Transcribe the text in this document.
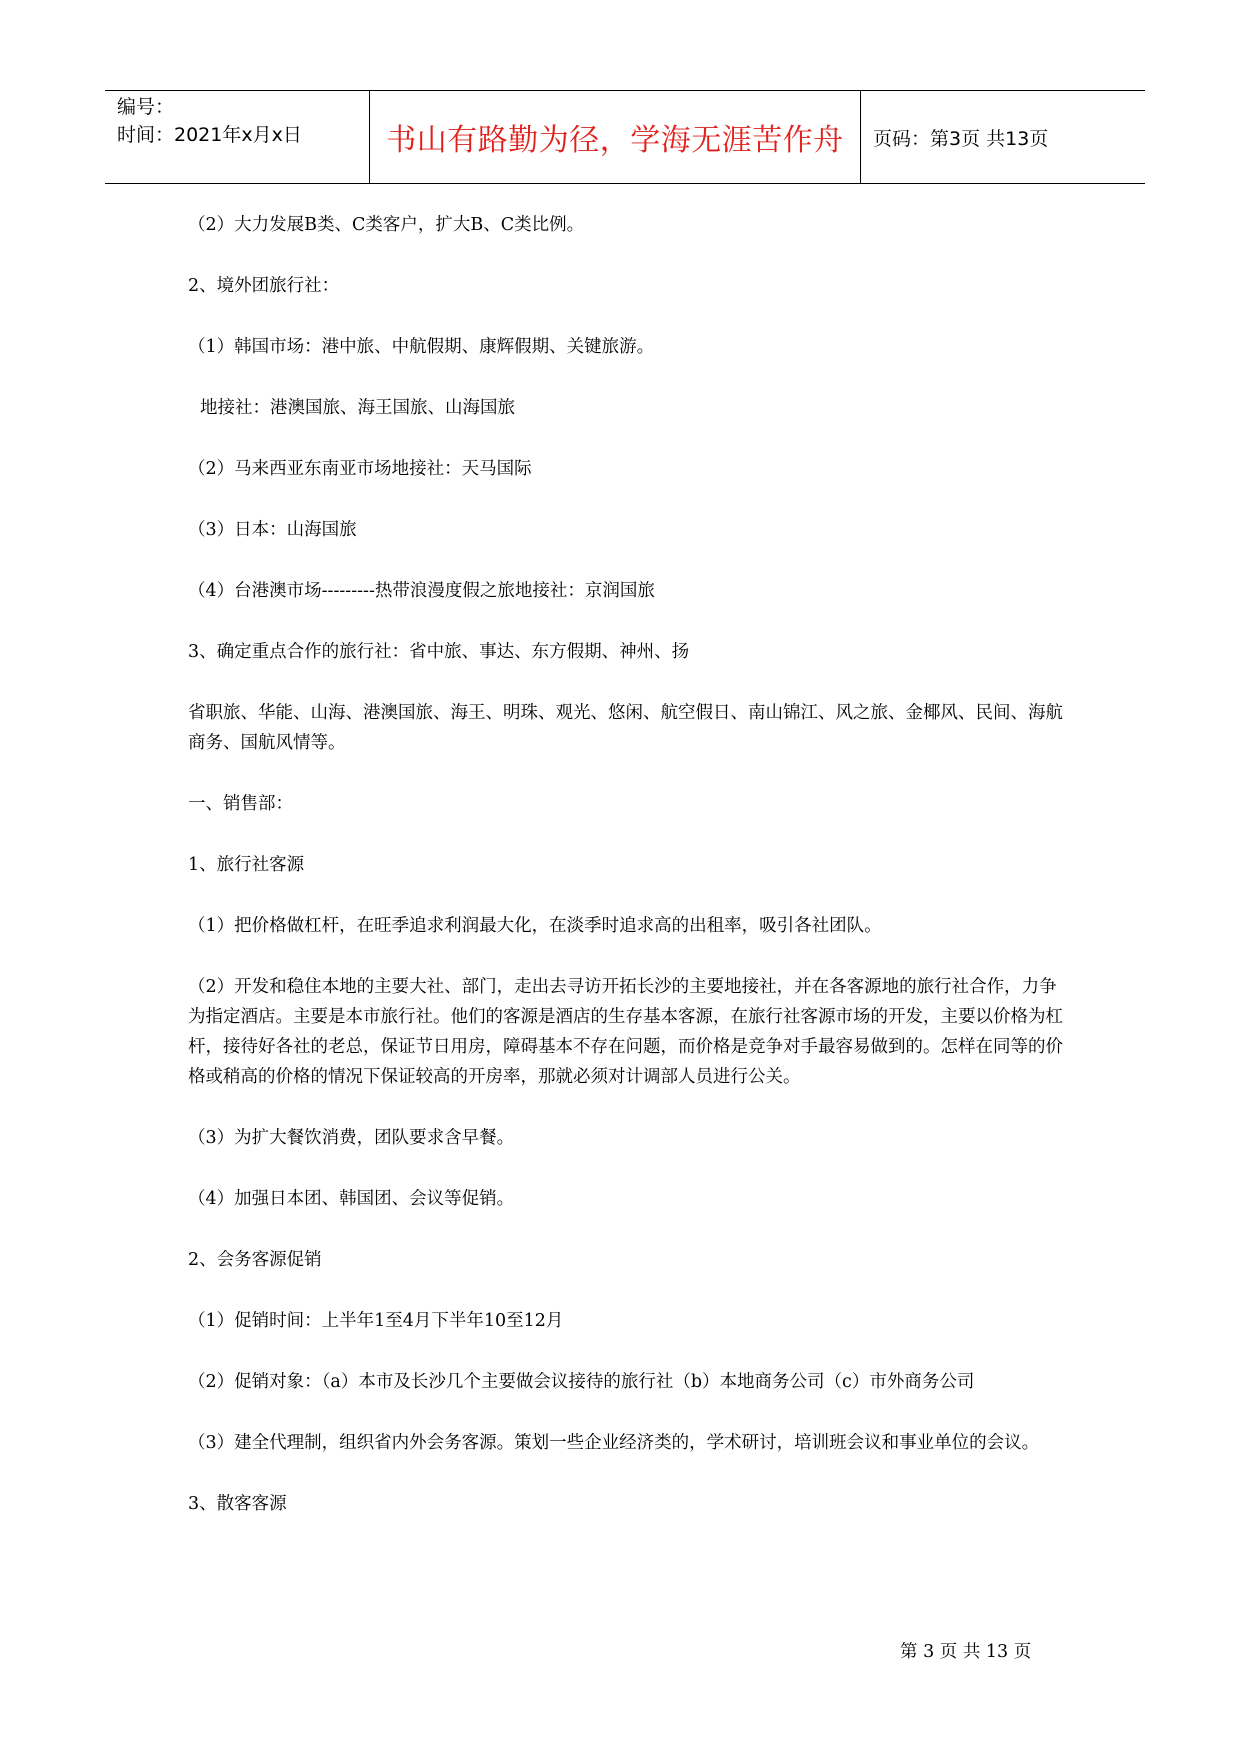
编号：
时间：2021年x月x日	书山有路勤为径，学海无涯苦作舟	页码：第3页 共13页

（2）大力发展B类、C类客户，扩大B、C类比例。

2、境外团旅行社：

（1）韩国市场：港中旅、中航假期、康辉假期、关键旅游。

地接社：港澳国旅、海王国旅、山海国旅

（2）马来西亚东南亚市场地接社：天马国际

（3）日本：山海国旅

（4）台港澳市场---------热带浪漫度假之旅地接社：京润国旅

3、确定重点合作的旅行社：省中旅、事达、东方假期、神州、扬

省职旅、华能、山海、港澳国旅、海王、明珠、观光、悠闲、航空假日、南山锦江、风之旅、金椰风、民间、海航商务、国航风情等。

一、销售部：

1、旅行社客源

（1）把价格做杠杆，在旺季追求利润最大化，在淡季时追求高的出租率，吸引各社团队。

（2）开发和稳住本地的主要大社、部门，走出去寻访开拓长沙的主要地接社，并在各客源地的旅行社合作，力争为指定酒店。主要是本市旅行社。他们的客源是酒店的生存基本客源，在旅行社客源市场的开发，主要以价格为杠杆，接待好各社的老总，保证节日用房，障碍基本不存在问题，而价格是竞争对手最容易做到的。怎样在同等的价格或稍高的价格的情况下保证较高的开房率，那就必须对计调部人员进行公关。

（3）为扩大餐饮消费，团队要求含早餐。

（4）加强日本团、韩国团、会议等促销。

2、会务客源促销

（1）促销时间：上半年1至4月下半年10至12月

（2）促销对象：（a）本市及长沙几个主要做会议接待的旅行社（b）本地商务公司（c）市外商务公司

（3）建全代理制，组织省内外会务客源。策划一些企业经济类的，学术研讨，培训班会议和事业单位的会议。

3、散客客源

第 3 页 共 13 页
